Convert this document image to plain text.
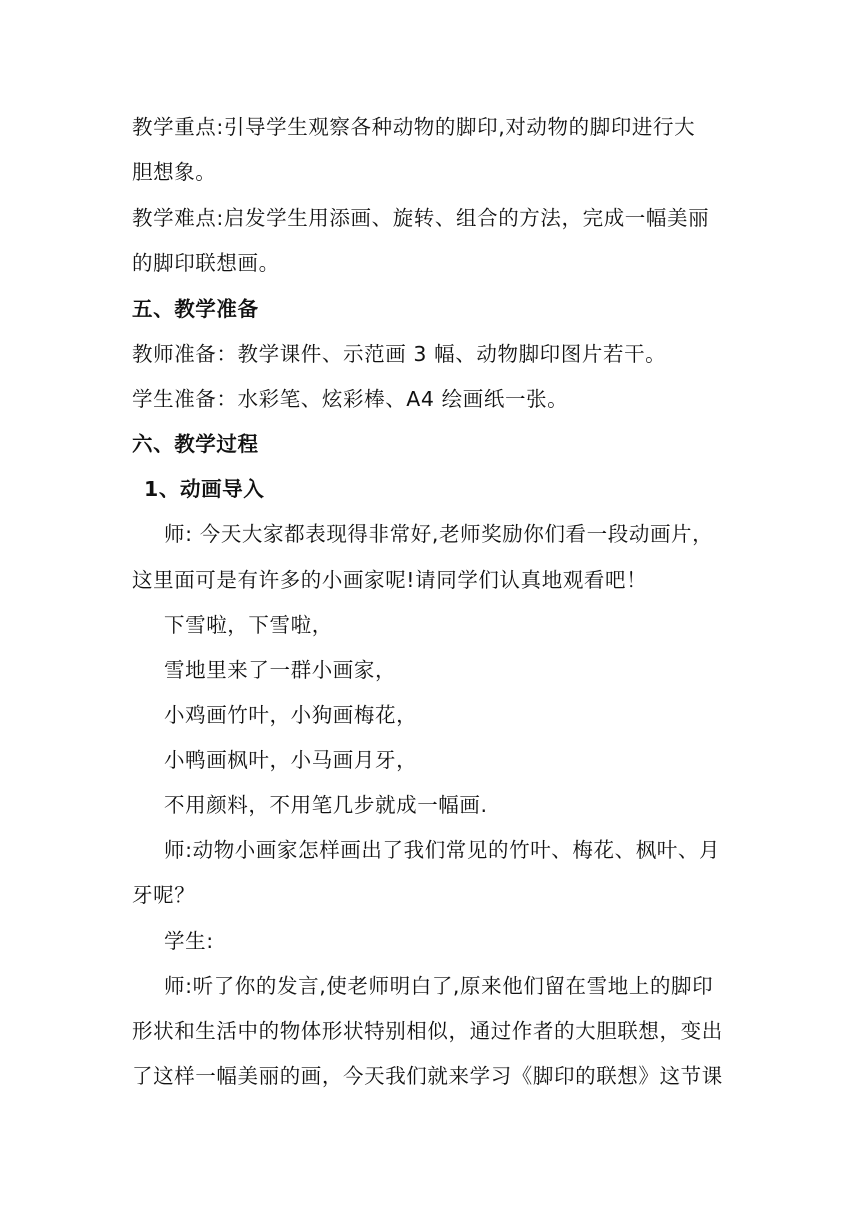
教学重点:引导学生观察各种动物的脚印,对动物的脚印进行大
胆想象。
教学难点:启发学生用添画、旋转、组合的方法，完成一幅美丽
的脚印联想画。
五、教学准备
教师准备：教学课件、示范画 3 幅、动物脚印图片若干。
学生准备：水彩笔、炫彩棒、A4 绘画纸一张。
六、教学过程
1、动画导入
师: 今天大家都表现得非常好,老师奖励你们看一段动画片，
这里面可是有许多的小画家呢!请同学们认真地观看吧！
下雪啦，下雪啦，
雪地里来了一群小画家，
小鸡画竹叶，小狗画梅花，
小鸭画枫叶，小马画月牙，
不用颜料，不用笔几步就成一幅画.
师:动物小画家怎样画出了我们常见的竹叶、梅花、枫叶、月
牙呢？
学生:
师:听了你的发言,使老师明白了,原来他们留在雪地上的脚印
形状和生活中的物体形状特别相似，通过作者的大胆联想，变出
了这样一幅美丽的画，今天我们就来学习《脚印的联想》这节课
